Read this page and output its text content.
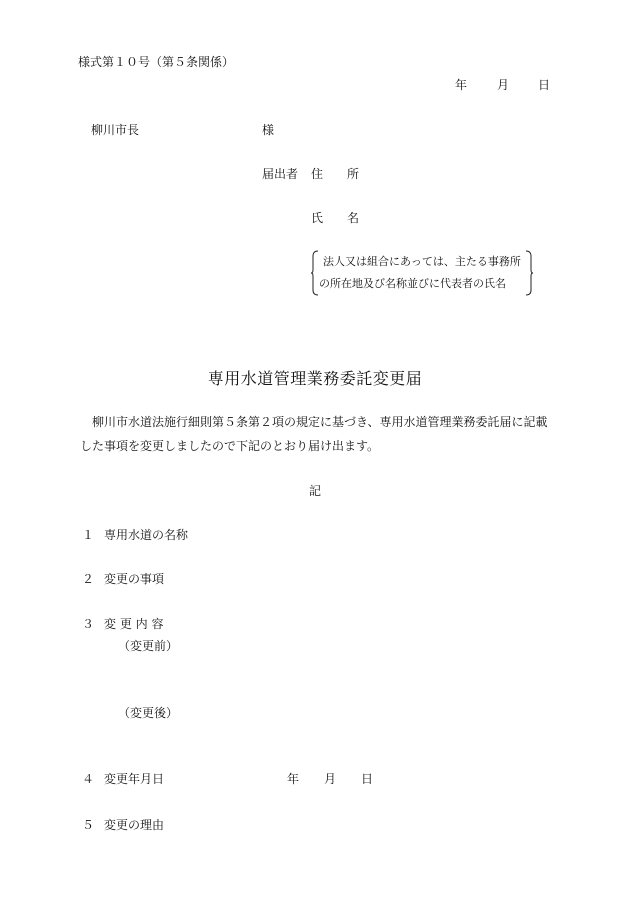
様式第１０号（第５条関係）
年 月 日
柳川市長	様
届出者 住　　所
氏　　名
法人又は組合にあっては、主たる事務所
の所在地及び名称並びに代表者の氏名
専用水道管理業務委託変更届
柳川市水道法施行細則第５条第２項の規定に基づき、専用水道管理業務委託届に記載した事項を変更しましたので下記のとおり届け出ます。
記
１ 専用水道の名称
２ 変更の事項
３ 変 更 内 容
（変更前）
（変更後）
４ 変更年月日	年 月 日
５ 変更の理由
